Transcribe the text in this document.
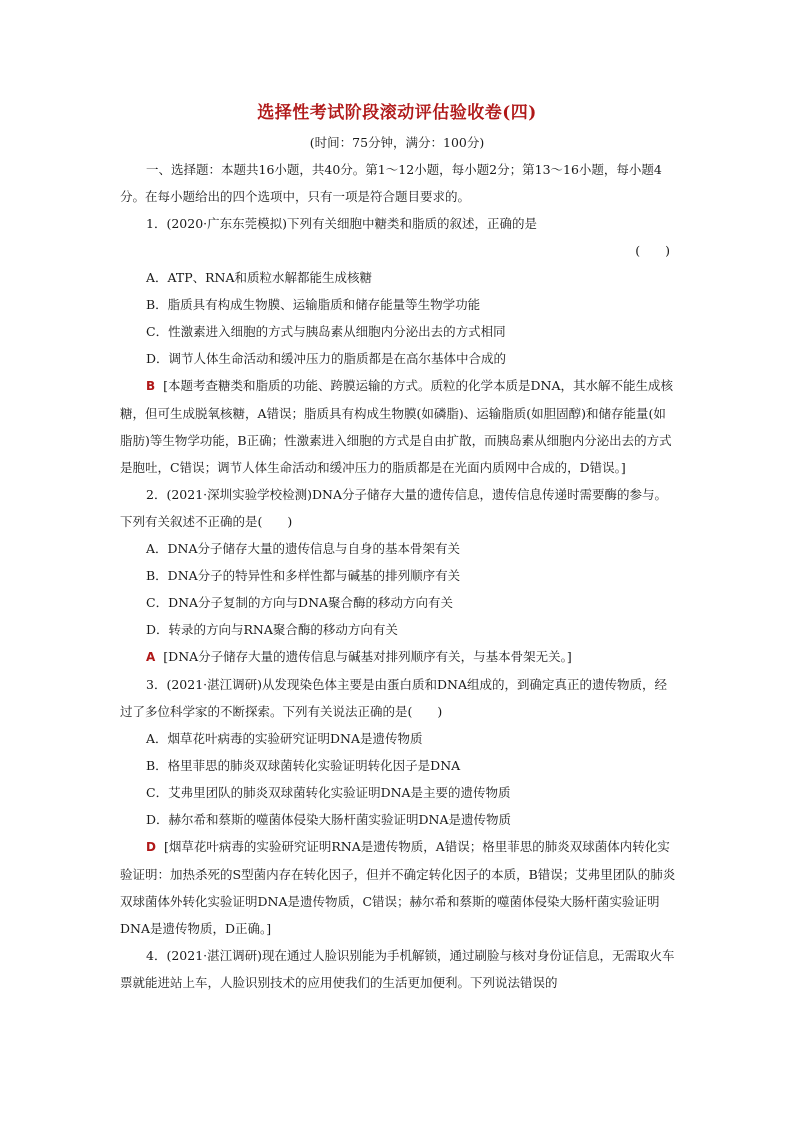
选择性考试阶段滚动评估验收卷(四)
(时间：75分钟，满分：100分)

一、选择题：本题共16小题，共40分。第1～12小题，每小题2分；第13～16小题，每小题4分。在每小题给出的四个选项中，只有一项是符合题目要求的。

1．(2020·广东东莞模拟)下列有关细胞中糖类和脂质的叙述，正确的是

(　　)

A．ATP、RNA和质粒水解都能生成核糖

B．脂质具有构成生物膜、运输脂质和储存能量等生物学功能

C．性激素进入细胞的方式与胰岛素从细胞内分泌出去的方式相同

D．调节人体生命活动和缓冲压力的脂质都是在高尔基体中合成的

B [本题考查糖类和脂质的功能、跨膜运输的方式。质粒的化学本质是DNA，其水解不能生成核糖，但可生成脱氧核糖，A错误；脂质具有构成生物膜(如磷脂)、运输脂质(如胆固醇)和储存能量(如脂肪)等生物学功能，B正确；性激素进入细胞的方式是自由扩散，而胰岛素从细胞内分泌出去的方式是胞吐，C错误；调节人体生命活动和缓冲压力的脂质都是在光面内质网中合成的，D错误。]

2．(2021·深圳实验学校检测)DNA分子储存大量的遗传信息，遗传信息传递时需要酶的参与。下列有关叙述不正确的是(　　)

A．DNA分子储存大量的遗传信息与自身的基本骨架有关

B．DNA分子的特异性和多样性都与碱基的排列顺序有关

C．DNA分子复制的方向与DNA聚合酶的移动方向有关

D．转录的方向与RNA聚合酶的移动方向有关

A [DNA分子储存大量的遗传信息与碱基对排列顺序有关，与基本骨架无关。]

3．(2021·湛江调研)从发现染色体主要是由蛋白质和DNA组成的，到确定真正的遗传物质，经过了多位科学家的不断探索。下列有关说法正确的是(　　)

A．烟草花叶病毒的实验研究证明DNA是遗传物质

B．格里菲思的肺炎双球菌转化实验证明转化因子是DNA

C．艾弗里团队的肺炎双球菌转化实验证明DNA是主要的遗传物质

D．赫尔希和蔡斯的噬菌体侵染大肠杆菌实验证明DNA是遗传物质

D [烟草花叶病毒的实验研究证明RNA是遗传物质，A错误；格里菲思的肺炎双球菌体内转化实验证明：加热杀死的S型菌内存在转化因子，但并不确定转化因子的本质，B错误；艾弗里团队的肺炎双球菌体外转化实验证明DNA是遗传物质，C错误；赫尔希和蔡斯的噬菌体侵染大肠杆菌实验证明DNA是遗传物质，D正确。]

4．(2021·湛江调研)现在通过人脸识别能为手机解锁，通过刷脸与核对身份证信息，无需取火车票就能进站上车，人脸识别技术的应用使我们的生活更加便利。下列说法错误的
